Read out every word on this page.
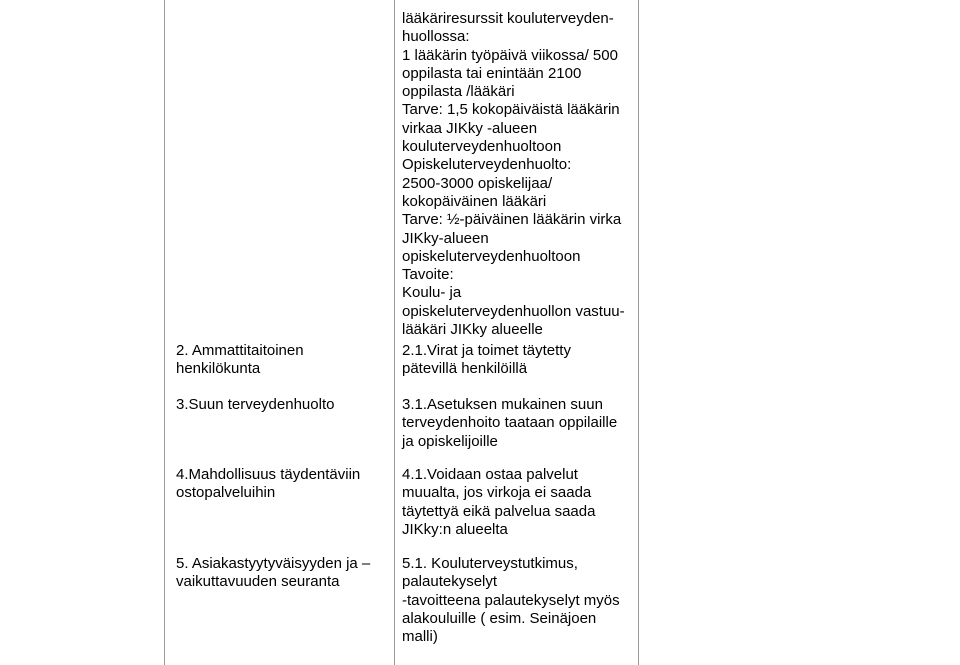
lääkäriresurssit kouluterveyden-
huollossa:
1 lääkärin työpäivä viikossa/ 500
oppilasta tai enintään 2100
oppilasta /lääkäri
Tarve: 1,5 kokopäiväistä lääkärin
virkaa JIKky -alueen
kouluterveydenhuoltoon
Opiskeluterveydenhuolto:
2500-3000 opiskelijaa/
kokopäiväinen lääkäri
Tarve: ½-päiväinen lääkärin virka
JIKky-alueen
opiskeluterveydenhuoltoon
Tavoite:
Koulu- ja
opiskeluterveydenhuollon vastuu-
lääkäri JIKky alueelle
2. Ammattitaitoinen
henkilökunta
2.1.Virat ja toimet täytetty
pätevillä henkilöillä
3.Suun terveydenhuolto	3.1.Asetuksen mukainen suun
terveydenhoito taataan oppilaille
ja opiskelijoille
4.Mahdollisuus täydentäviin
ostopalveluihin
4.1.Voidaan ostaa palvelut
muualta, jos virkoja ei saada
täytettyä eikä palvelua saada
JIKky:n alueelta
5. Asiakastyytyväisyyden ja –
vaikuttavuuden seuranta
5.1. Kouluterveystutkimus,
palautekyselyt
-tavoitteena palautekyselyt myös
alakouluille ( esim. Seinäjoen
malli)
